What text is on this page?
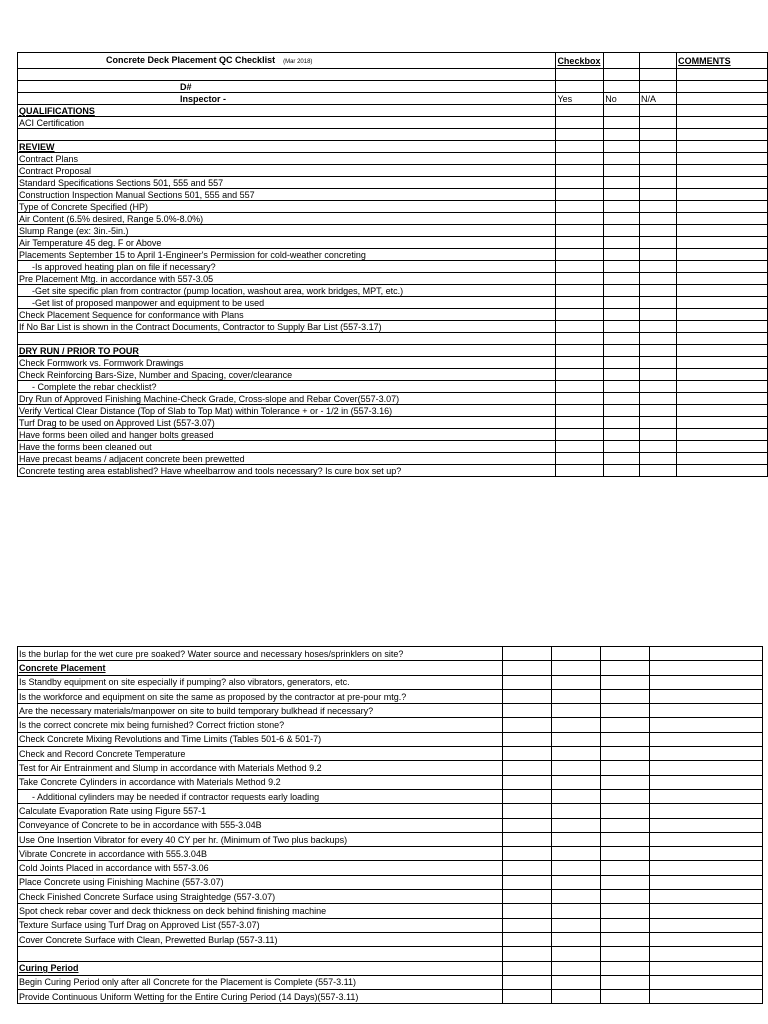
Concrete Deck Placement QC Checklist (Mar 2018)	Checkbox			COMMENTS

D#				
Inspector -	Yes	No	N/A	
QUALIFICATIONS				
ACI Certification				

REVIEW				
Contract Plans				
Contract Proposal				
Standard Specifications Sections 501, 555 and 557				
Construction Inspection Manual Sections 501, 555 and 557				
Type of Concrete Specified (HP)				
Air Content (6.5% desired, Range 5.0%-8.0%)				
Slump Range (ex: 3in.-5in.)				
Air Temperature 45 deg. F or Above				
Placements September 15 to April 1-Engineer's Permission for cold-weather concreting				
-Is approved heating plan on file if necessary?				
Pre Placement Mtg. in accordance with 557-3.05				
-Get site specific plan from contractor (pump location, washout area, work bridges, MPT, etc.)				
-Get list of proposed manpower and equipment to be used				
Check Placement Sequence for conformance with Plans				
If No Bar List is shown in the Contract Documents, Contractor to Supply Bar List (557-3.17)				

DRY RUN / PRIOR TO POUR				
Check Formwork vs. Formwork Drawings				
Check Reinforcing Bars-Size, Number and Spacing, cover/clearance				
- Complete the rebar checklist?				
Dry Run of Approved Finishing Machine-Check Grade, Cross-slope and Rebar Cover(557-3.07)				
Verify Vertical Clear Distance (Top of Slab to Top Mat) within Tolerance + or - 1/2 in (557-3.16)				
Turf Drag to be used on Approved List (557-3.07)				
Have forms been oiled and hanger bolts greased				
Have the forms been cleaned out				
Have precast beams / adjacent concrete been prewetted				
Concrete testing area established? Have wheelbarrow and tools necessary? Is cure box set up?				
Is the burlap for the wet cure pre soaked? Water source and necessary hoses/sprinklers on site?				
Concrete Placement				
Is Standby equipment on site especially if pumping? also vibrators, generators, etc.				
Is the workforce and equipment on site the same as proposed by the contractor at pre-pour mtg.?				
Are the necessary materials/manpower on site to build temporary bulkhead if necessary?				
Is the correct concrete mix being furnished? Correct friction stone?				
Check Concrete Mixing Revolutions and Time Limits (Tables 501-6 & 501-7)				
Check and Record Concrete Temperature				
Test for Air Entrainment and Slump in accordance with Materials Method 9.2				
Take Concrete Cylinders in accordance with Materials Method 9.2				
- Additional cylinders may be needed if contractor requests early loading				
Calculate Evaporation Rate using Figure 557-1				
Conveyance of Concrete to be in accordance with 555-3.04B				
Use One Insertion Vibrator for every 40 CY per hr. (Minimum of Two plus backups)				
Vibrate Concrete in accordance with 555.3.04B				
Cold Joints Placed in accordance with 557-3.06				
Place Concrete using Finishing Machine (557-3.07)				
Check Finished Concrete Surface using Straightedge (557-3.07)				
Spot check rebar cover and deck thickness on deck behind finishing machine				
Texture Surface using Turf Drag on Approved List (557-3.07)				
Cover Concrete Surface with Clean, Prewetted Burlap (557-3.11)				

Curing Period				
Begin Curing Period only after all Concrete for the Placement is Complete (557-3.11)				
Provide Continuous Uniform Wetting for the Entire Curing Period (14 Days)(557-3.11)				
